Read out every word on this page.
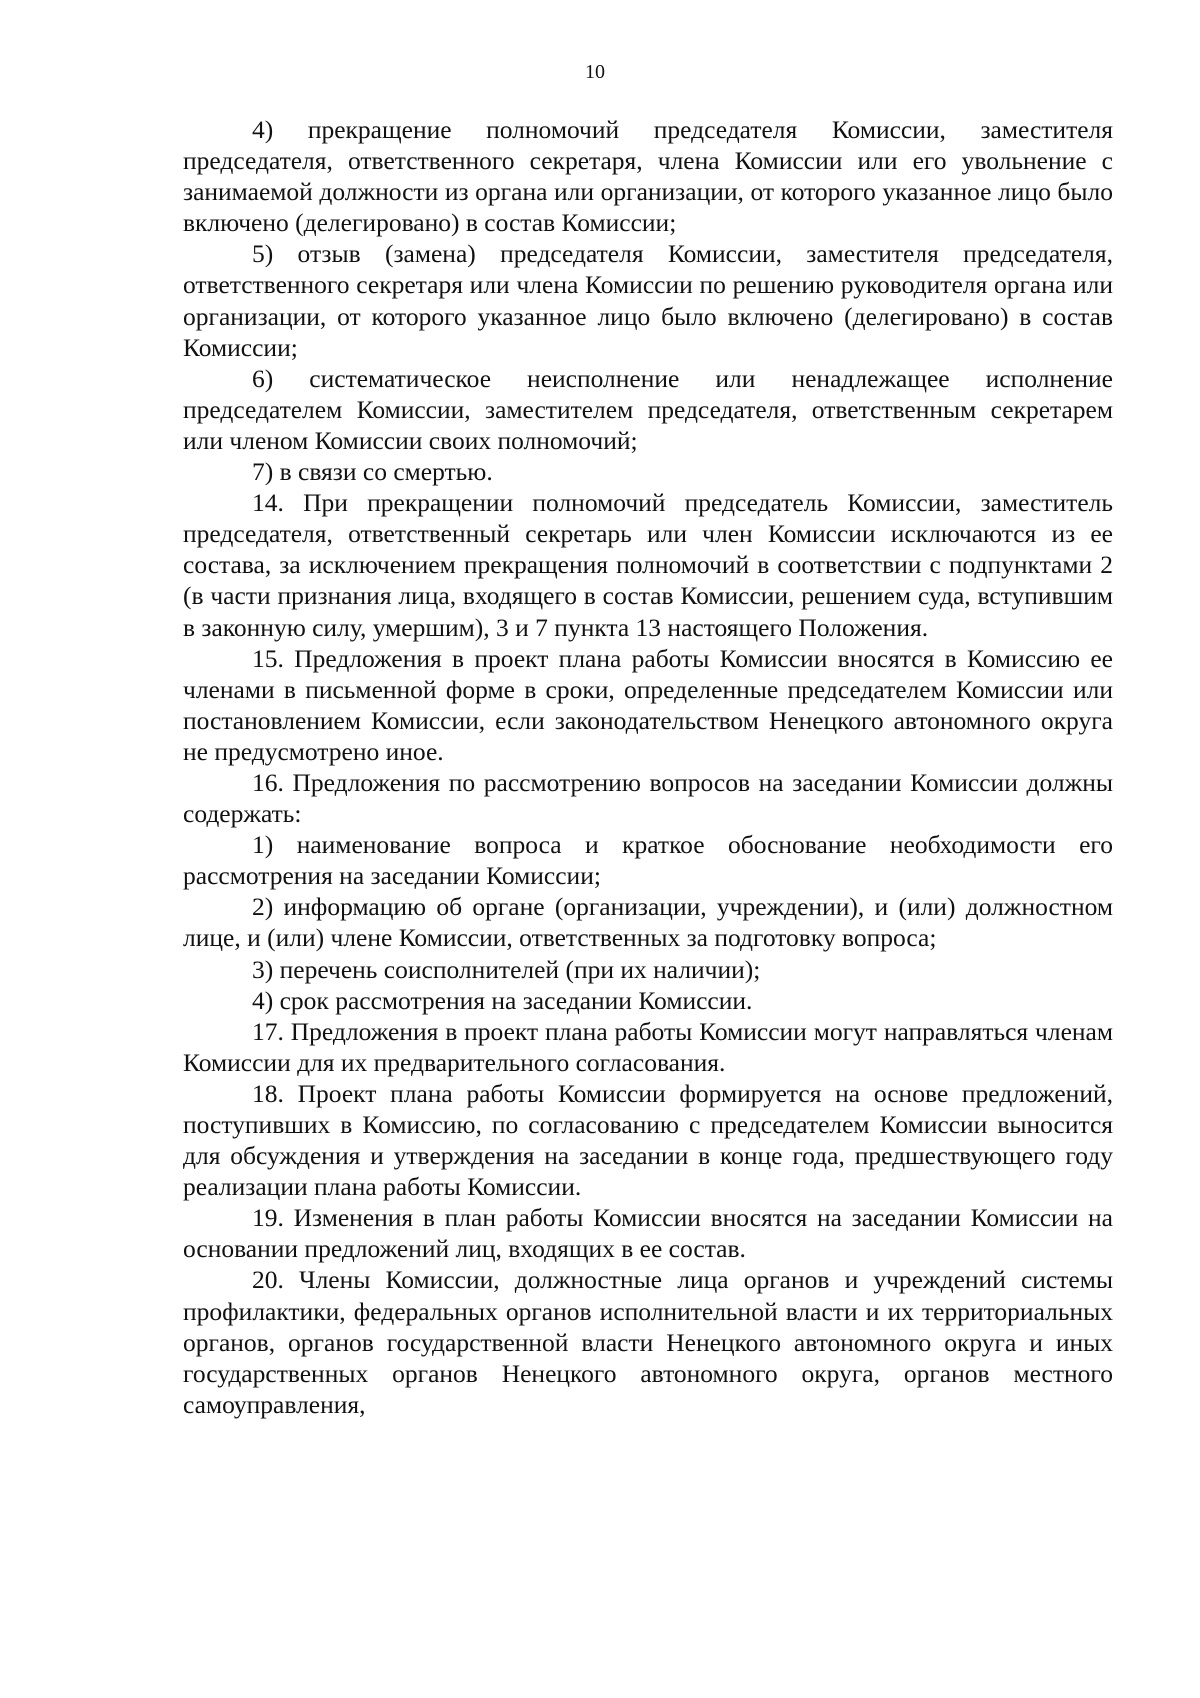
10

4) прекращение полномочий председателя Комиссии, заместителя председателя, ответственного секретаря, члена Комиссии или его увольнение с занимаемой должности из органа или организации, от которого указанное лицо было включено (делегировано) в состав Комиссии;

5) отзыв (замена) председателя Комиссии, заместителя председателя, ответственного секретаря или члена Комиссии по решению руководителя органа или организации, от которого указанное лицо было включено (делегировано) в состав Комиссии;

6) систематическое неисполнение или ненадлежащее исполнение председателем Комиссии, заместителем председателя, ответственным секретарем или членом Комиссии своих полномочий;

7) в связи со смертью.

14. При прекращении полномочий председатель Комиссии, заместитель председателя, ответственный секретарь или член Комиссии исключаются из ее состава, за исключением прекращения полномочий в соответствии с подпунктами 2 (в части признания лица, входящего в состав Комиссии, решением суда, вступившим в законную силу, умершим), 3 и 7 пункта 13 настоящего Положения.

15. Предложения в проект плана работы Комиссии вносятся в Комиссию ее членами в письменной форме в сроки, определенные председателем Комиссии или постановлением Комиссии, если законодательством Ненецкого автономного округа не предусмотрено иное.

16. Предложения по рассмотрению вопросов на заседании Комиссии должны содержать:

1) наименование вопроса и краткое обоснование необходимости его рассмотрения на заседании Комиссии;

2) информацию об органе (организации, учреждении), и (или) должностном лице, и (или) члене Комиссии, ответственных за подготовку вопроса;

3) перечень соисполнителей (при их наличии);

4) срок рассмотрения на заседании Комиссии.

17. Предложения в проект плана работы Комиссии могут направляться членам Комиссии для их предварительного согласования.

18. Проект плана работы Комиссии формируется на основе предложений, поступивших в Комиссию, по согласованию с председателем Комиссии выносится для обсуждения и утверждения на заседании в конце года, предшествующего году реализации плана работы Комиссии.

19. Изменения в план работы Комиссии вносятся на заседании Комиссии на основании предложений лиц, входящих в ее состав.

20. Члены Комиссии, должностные лица органов и учреждений системы профилактики, федеральных органов исполнительной власти и их территориальных органов, органов государственной власти Ненецкого автономного округа и иных государственных органов Ненецкого автономного округа, органов местного самоуправления,
